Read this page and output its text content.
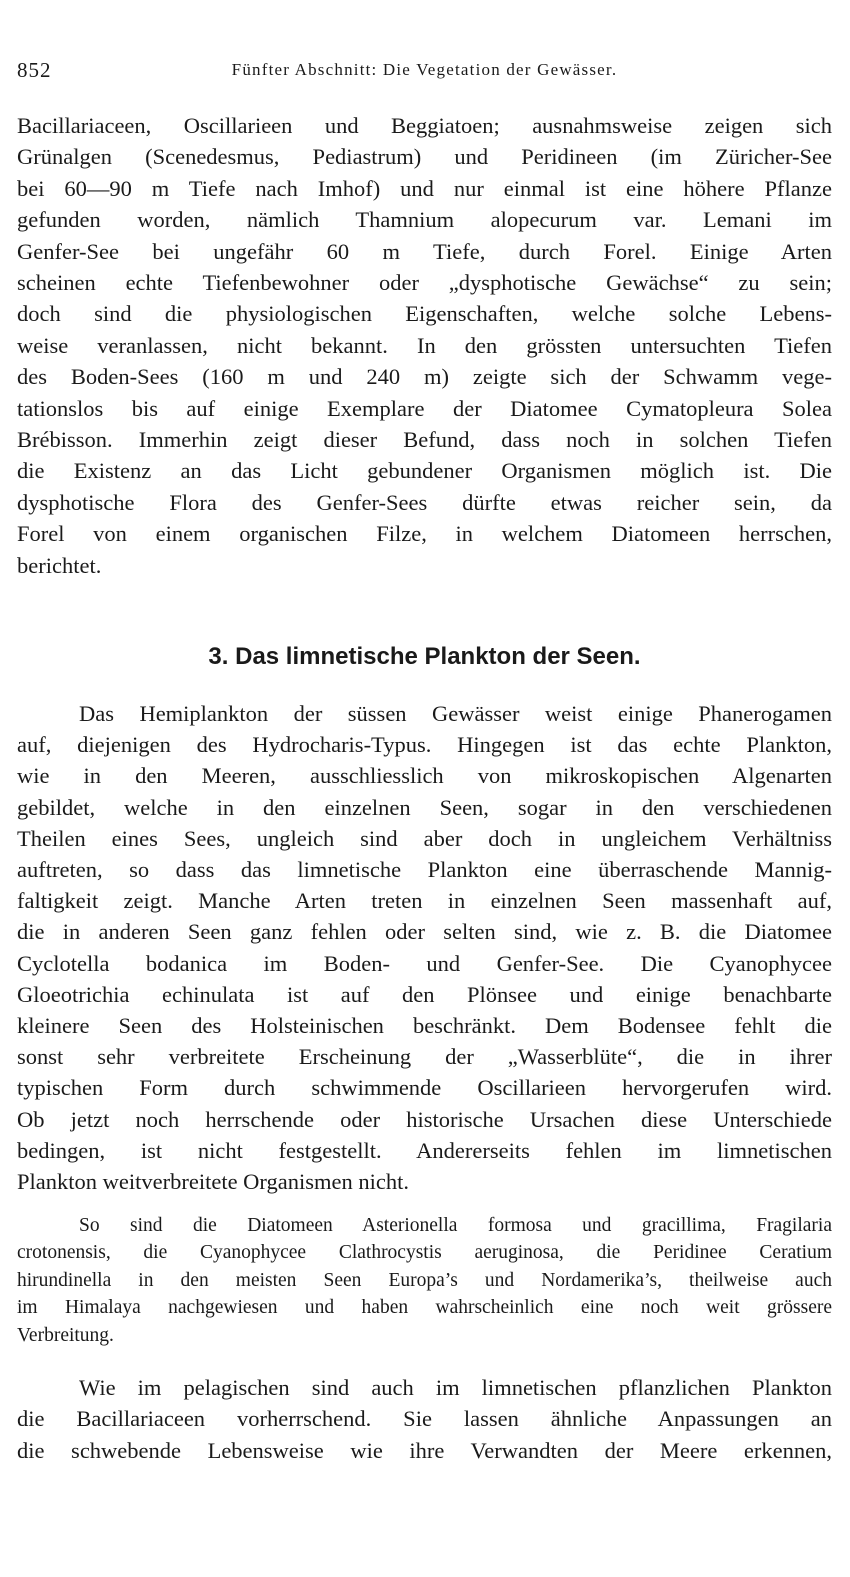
852	Fünfter Abschnitt: Die Vegetation der Gewässer.
Bacillariaceen, Oscillarieen und Beggiatoen; ausnahmsweise zeigen sich
Grünalgen (Scenedesmus, Pediastrum) und Peridineen (im Züricher-See
bei 60—90 m Tiefe nach Imhof) und nur einmal ist eine höhere Pflanze
gefunden worden, nämlich Thamnium alopecurum var. Lemani im
Genfer-See bei ungefähr 60 m Tiefe, durch Forel. Einige Arten
scheinen echte Tiefenbewohner oder „dysphotische Gewächse“ zu sein;
doch sind die physiologischen Eigenschaften, welche solche Lebens-
weise veranlassen, nicht bekannt. In den grössten untersuchten Tiefen
des Boden-Sees (160 m und 240 m) zeigte sich der Schwamm vege-
tationslos bis auf einige Exemplare der Diatomee Cymatopleura Solea
Brébisson. Immerhin zeigt dieser Befund, dass noch in solchen Tiefen
die Existenz an das Licht gebundener Organismen möglich ist. Die
dysphotische Flora des Genfer-Sees dürfte etwas reicher sein, da
Forel von einem organischen Filze, in welchem Diatomeen herrschen,
berichtet.
3. Das limnetische Plankton der Seen.
Das Hemiplankton der süssen Gewässer weist einige Phanerogamen
auf, diejenigen des Hydrocharis-Typus. Hingegen ist das echte Plankton,
wie in den Meeren, ausschliesslich von mikroskopischen Algenarten
gebildet, welche in den einzelnen Seen, sogar in den verschiedenen
Theilen eines Sees, ungleich sind aber doch in ungleichem Verhältniss
auftreten, so dass das limnetische Plankton eine überraschende Mannig-
faltigkeit zeigt. Manche Arten treten in einzelnen Seen massenhaft auf,
die in anderen Seen ganz fehlen oder selten sind, wie z. B. die Diatomee
Cyclotella bodanica im Boden- und Genfer-See. Die Cyanophycee
Gloeotrichia echinulata ist auf den Plönsee und einige benachbarte
kleinere Seen des Holsteinischen beschränkt. Dem Bodensee fehlt die
sonst sehr verbreitete Erscheinung der „Wasserblüte“, die in ihrer
typischen Form durch schwimmende Oscillarieen hervorgerufen wird.
Ob jetzt noch herrschende oder historische Ursachen diese Unterschiede
bedingen, ist nicht festgestellt. Andererseits fehlen im limnetischen
Plankton weitverbreitete Organismen nicht.
So sind die Diatomeen Asterionella formosa und gracillima, Fragilaria
crotonensis, die Cyanophycee Clathrocystis aeruginosa, die Peridinee Ceratium
hirundinella in den meisten Seen Europa’s und Nordamerika’s, theilweise auch
im Himalaya nachgewiesen und haben wahrscheinlich eine noch weit grössere
Verbreitung.
Wie im pelagischen sind auch im limnetischen pflanzlichen Plankton
die Bacillariaceen vorherrschend. Sie lassen ähnliche Anpassungen an
die schwebende Lebensweise wie ihre Verwandten der Meere erkennen,
